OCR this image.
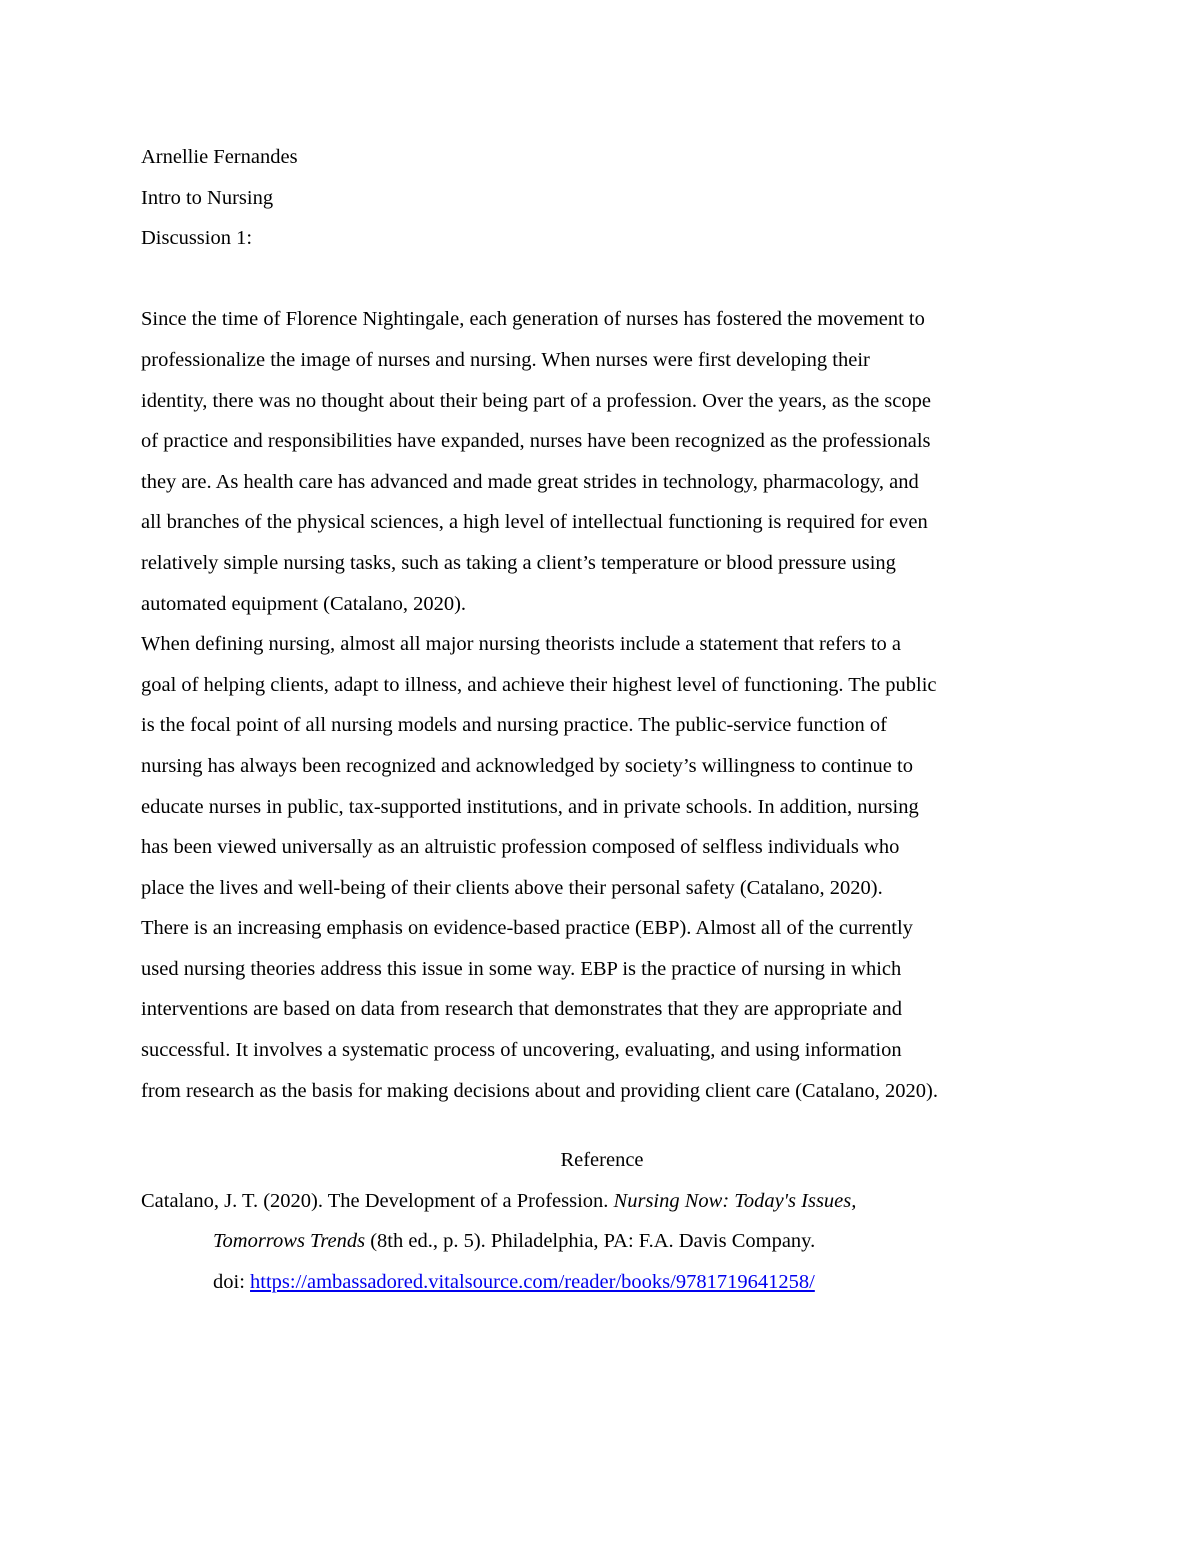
Arnellie Fernandes
Intro to Nursing
Discussion 1:
Since the time of Florence Nightingale, each generation of nurses has fostered the movement to
professionalize the image of nurses and nursing. When nurses were first developing their
identity, there was no thought about their being part of a profession. Over the years, as the scope
of practice and responsibilities have expanded, nurses have been recognized as the professionals
they are. As health care has advanced and made great strides in technology, pharmacology, and
all branches of the physical sciences, a high level of intellectual functioning is required for even
relatively simple nursing tasks, such as taking a client’s temperature or blood pressure using
automated equipment (Catalano, 2020).
When defining nursing, almost all major nursing theorists include a statement that refers to a
goal of helping clients, adapt to illness, and achieve their highest level of functioning. The public
is the focal point of all nursing models and nursing practice. The public-service function of
nursing has always been recognized and acknowledged by society’s willingness to continue to
educate nurses in public, tax-supported institutions, and in private schools. In addition, nursing
has been viewed universally as an altruistic profession composed of selfless individuals who
place the lives and well-being of their clients above their personal safety (Catalano, 2020).
There is an increasing emphasis on evidence-based practice (EBP). Almost all of the currently
used nursing theories address this issue in some way. EBP is the practice of nursing in which
interventions are based on data from research that demonstrates that they are appropriate and
successful. It involves a systematic process of uncovering, evaluating, and using information
from research as the basis for making decisions about and providing client care (Catalano, 2020).
Reference
Catalano, J. T. (2020). The Development of a Profession. Nursing Now: Today's Issues,
Tomorrows Trends (8th ed., p. 5). Philadelphia, PA: F.A. Davis Company.
doi: https://ambassadored.vitalsource.com/reader/books/9781719641258/
